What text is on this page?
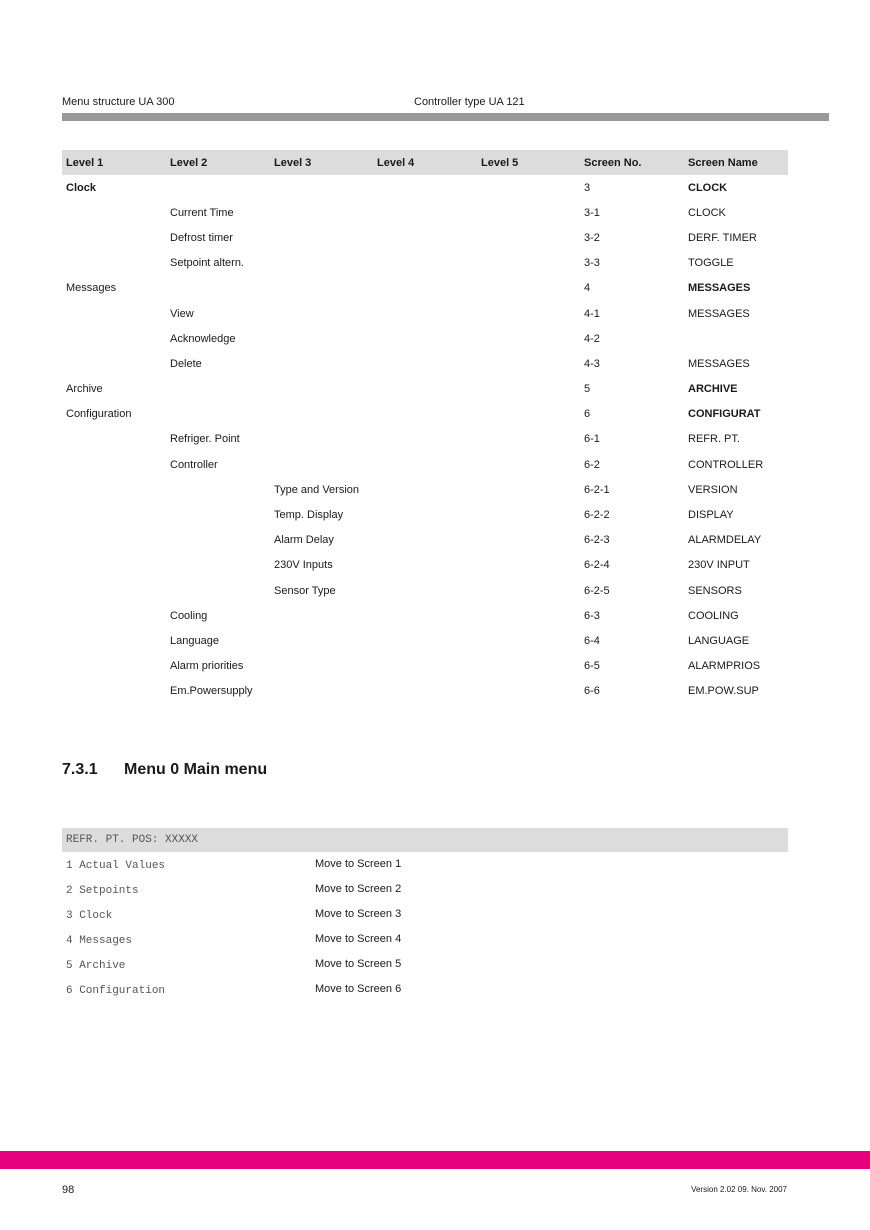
Menu structure UA 300	Controller type UA 121
Level 1	Level 2	Level 3	Level 4	Level 5	Screen No.	Screen Name
Clock					3	CLOCK
	Current Time				3-1	CLOCK
	Defrost timer				3-2	DERF. TIMER
	Setpoint altern.				3-3	TOGGLE
Messages					4	MESSAGES
	View				4-1	MESSAGES
	Acknowledge				4-2	
	Delete				4-3	MESSAGES
Archive					5	ARCHIVE
Configuration					6	CONFIGURAT
	Refriger. Point				6-1	REFR. PT.
	Controller				6-2	CONTROLLER
		Type and Version			6-2-1	VERSION
		Temp. Display			6-2-2	DISPLAY
		Alarm Delay			6-2-3	ALARMDELAY
		230V Inputs			6-2-4	230V INPUT
		Sensor Type			6-2-5	SENSORS
	Cooling				6-3	COOLING
	Language				6-4	LANGUAGE
	Alarm priorities				6-5	ALARMPRIOS
	Em.Powersupply				6-6	EM.POW.SUP
7.3.1 Menu 0 Main menu
REFR. PT. POS: XXXXX
1 Actual Values	Move to Screen 1
2 Setpoints	Move to Screen 2
3 Clock	Move to Screen 3
4 Messages	Move to Screen 4
5 Archive	Move to Screen 5
6 Configuration	Move to Screen 6
98	Version 2.02 09. Nov. 2007
